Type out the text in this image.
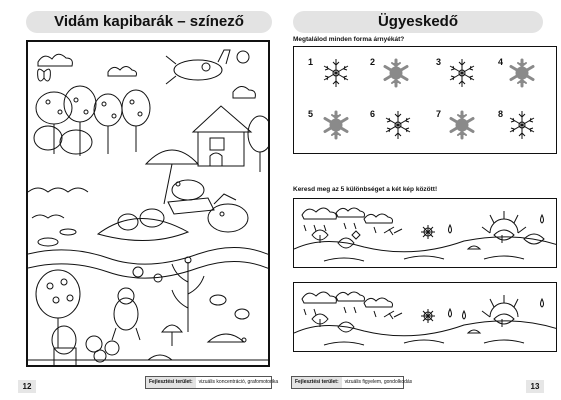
Vidám kapibarák – színező
12	Fejlesztési terület: vizuális koncentráció, grafomotorika
Ügyeskedő
Megtalálod minden forma árnyékát?
1	2	3	4
5	6	7	8
Keresd meg az 5 különbséget a két kép között!
13
Fejlesztési terület: vizuális figyelem, gondolkodás
